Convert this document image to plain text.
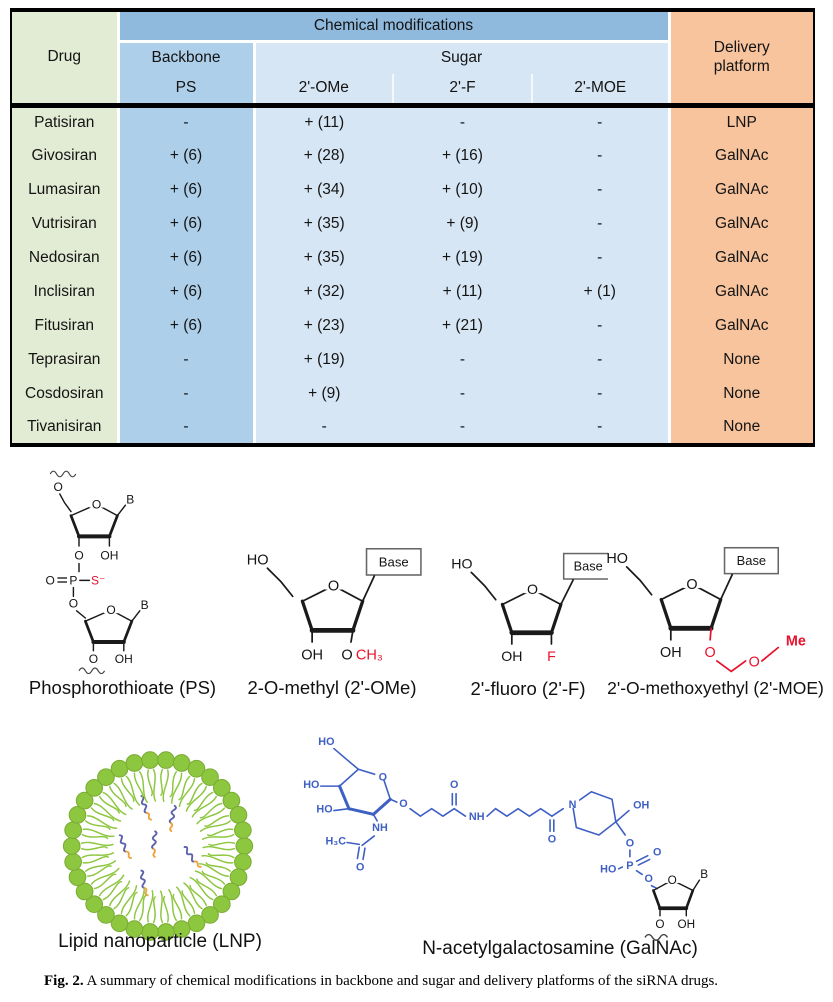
Drug	Chemical modifications				Delivery
platform
	Backbone	Sugar			
	PS	2'-OMe	2'-F	2'-MOE	
Patisiran	-	+ (11)	-	-	LNP
Givosiran	+ (6)	+ (28)	+ (16)	-	GalNAc
Lumasiran	+ (6)	+ (34)	+ (10)	-	GalNAc
Vutrisiran	+ (6)	+ (35)	+ (9)	-	GalNAc
Nedosiran	+ (6)	+ (35)	+ (19)	-	GalNAc
Inclisiran	+ (6)	+ (32)	+ (11)	+ (1)	GalNAc
Fitusiran	+ (6)	+ (23)	+ (21)	-	GalNAc
Teprasiran	-	+ (19)	-	-	None
Cosdosiran	-	+ (9)	-	-	None
Tivanisiran	-	-	-	-	None
O
O B
OH
O
O P S⁻
O O B
OH
O
Phosphorothioate (PS)
HO
O
Base
OH O CH₃
2-O-methyl (2'-OMe)
HO
O
Base
OH F
2'-fluoro (2'-F)
HO
O
Base
OH O
O
Me
2'-O-methoxyethyl (2'-MOE)
Lipid nanoparticle (LNP)
HO
O
HO
HO
NH
O
H₃C
O
O
NH
O
N	OH
O
P
O
HO
O O B
OH
O
N-acetylgalactosamine (GalNAc)
Fig. 2. A summary of chemical modifications in backbone and sugar and delivery platforms of the siRNA drugs.
